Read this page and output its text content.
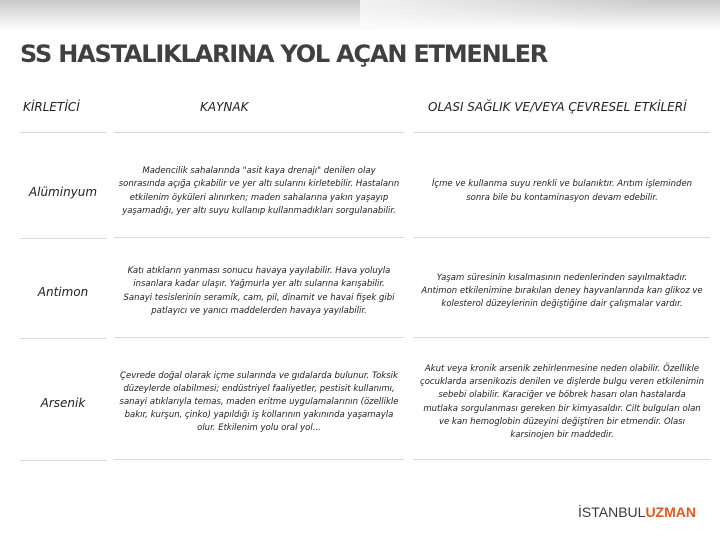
SS HASTALIKLARINA YOL AÇAN ETMENLER
KİRLETİCİ	KAYNAK	OLASI SAĞLIK VE/VEYA ÇEVRESEL ETKİLERİ
Alüminyum
Madencilik sahalarında "asit kaya drenajı" denilen olay sonrasında açığa çıkabilir ve yer altı sularını kirletebilir. Hastaların etkilenim öyküleri alınırken; maden sahalarına yakın yaşayıp yaşamadığı, yer altı suyu kullanıp kullanmadıkları sorgulanabilir.
İçme ve kullanma suyu renkli ve bulanıktır. Arıtım işleminden sonra bile bu kontaminasyon devam edebilir.
Antimon
Katı atıkların yanması sonucu havaya yayılabilir. Hava yoluyla insanlara kadar ulaşır. Yağmurla yer altı sularına karışabilir. Sanayi tesislerinin seramik, cam, pil, dinamit ve havai fişek gibi patlayıcı ve yanıcı maddelerden havaya yayılabilir.
Yaşam süresinin kısalmasının nedenlerinden sayılmaktadır. Antimon etkilenimine bırakılan deney hayvanlarında kan glikoz ve kolesterol düzeylerinin değiştiğine dair çalışmalar vardır.
Arsenik
Çevrede doğal olarak içme sularında ve gıdalarda bulunur. Toksik düzeylerde olabilmesi; endüstriyel faaliyetler, pestisit kullanımı, sanayi atıklarıyla temas, maden eritme uygulamalarının (özellikle bakır, kurşun, çinko) yapıldığı iş kollarının yakınında yaşamayla olur. Etkilenim yolu oral yol...
Akut veya kronik arsenik zehirlenmesine neden olabilir. Özellikle çocuklarda arsenikozis denilen ve dişlerde bulgu veren etkilenimin sebebi olabilir. Karaciğer ve böbrek hasarı olan hastalarda mutlaka sorgulanması gereken bir kimyasaldır. Cilt bulguları olan ve kan hemoglobin düzeyini değiştiren bir etmendir. Olası karsinojen bir maddedir.
İSTANBULUZMAN
